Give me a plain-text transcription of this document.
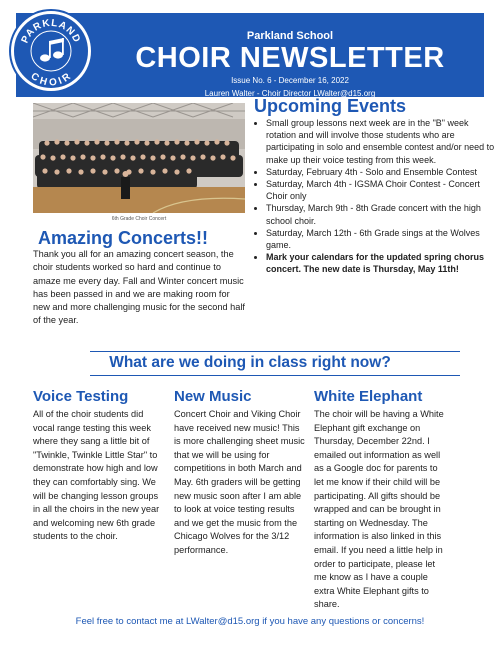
PARKLAND
CHOIR
Parkland School
CHOIR NEWSLETTER
Issue No. 6 - December 16, 2022
Lauren Walter - Choir Director LWalter@d15.org
6th Grade Choir Concert
Amazing Concerts!!
Thank you all for an amazing concert season, the choir students worked so hard and continue to amaze me every day. Fall and Winter concert music has been passed in and we are making room for new and more challenging music for the second half of the year.
Upcoming Events
• Small group lessons next week are in the "B" week rotation and will involve those students who are participating in solo and ensemble contest and/or need to make up their voice testing from this week.
• Saturday, February 4th - Solo and Ensemble Contest
• Saturday, March 4th - IGSMA Choir Contest - Concert Choir only
• Thursday, March 9th - 8th Grade concert with the high school choir.
• Saturday, March 12th - 6th Grade sings at the Wolves game.
• Mark your calendars for the updated spring chorus concert. The new date is Thursday, May 11th!
What are we doing in class right now?
Voice Testing
All of the choir students did vocal range testing this week where they sang a little bit of "Twinkle, Twinkle Little Star" to demonstrate how high and low they can comfortably sing. We will be changing lesson groups in all the choirs in the new year and welcoming new 6th grade students to the choir.
New Music
Concert Choir and Viking Choir have received new music! This is more challenging sheet music that we will be using for competitions in both March and May. 6th graders will be getting new music soon after I am able to look at voice testing results and we get the music from the Chicago Wolves for the 3/12 performance.
White Elephant
The choir will be having a White Elephant gift exchange on Thursday, December 22nd. I emailed out information as well as a Google doc for parents to let me know if their child will be participating. All gifts should be wrapped and can be brought in starting on Wednesday. The information is also linked in this email. If you need a little help in order to participate, please let me know as I have a couple extra White Elephant gifts to share.
Feel free to contact me at LWalter@d15.org if you have any questions or concerns!
